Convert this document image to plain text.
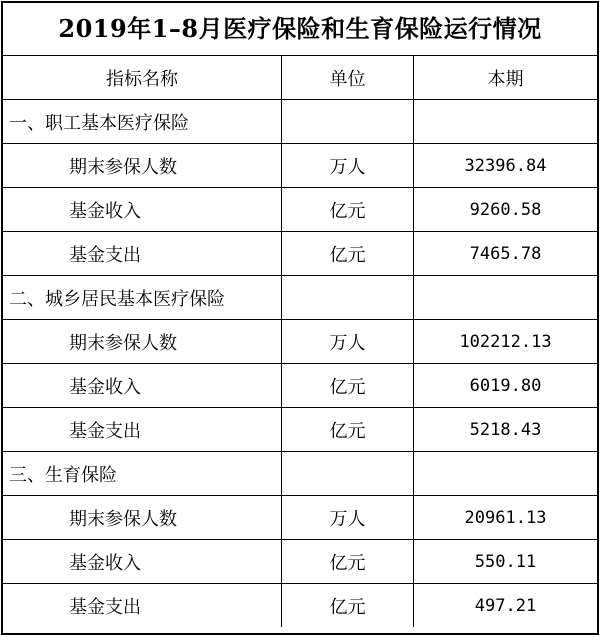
2019年1–8月医疗保险和生育保险运行情况
指标名称	单位	本期
一、职工基本医疗保险		
期末参保人数	万人	32396.84
基金收入	亿元	9260.58
基金支出	亿元	7465.78
二、城乡居民基本医疗保险		
期末参保人数	万人	102212.13
基金收入	亿元	6019.80
基金支出	亿元	5218.43
三、生育保险		
期末参保人数	万人	20961.13
基金收入	亿元	550.11
基金支出	亿元	497.21
